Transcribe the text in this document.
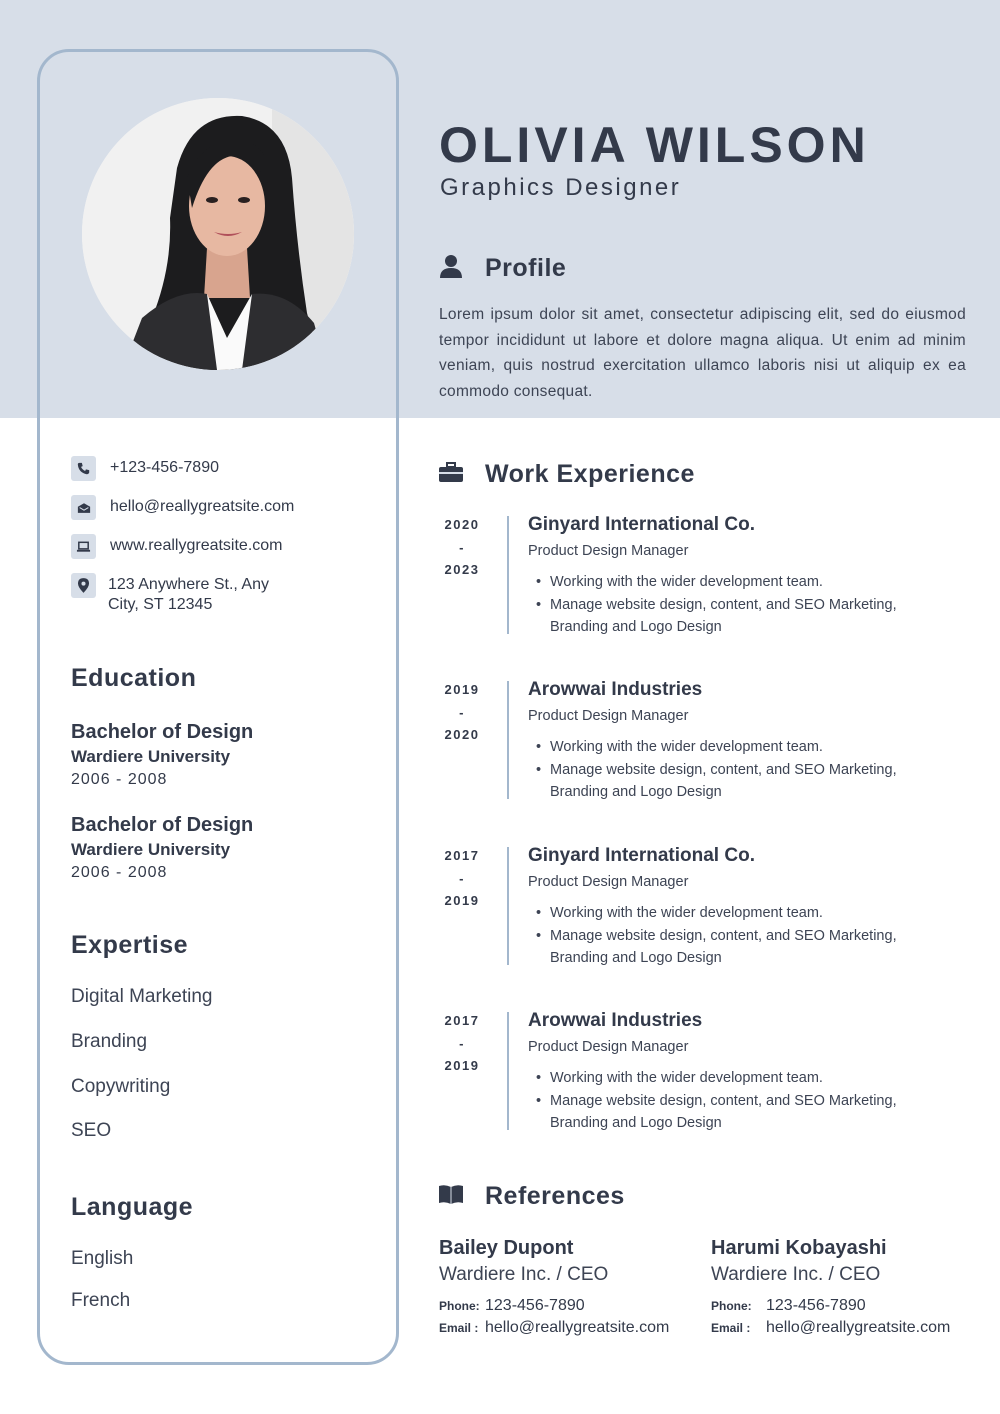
+123-456-7890
hello@reallygreatsite.com
www.reallygreatsite.com
123 Anywhere St., Any City, ST 12345
Education
Bachelor of Design
Wardiere University
2006 - 2008
Bachelor of Design
Wardiere University
2006 - 2008
Expertise
Digital Marketing
Branding
Copywriting
SEO
Language
English
French
OLIVIA WILSON
Graphics Designer
Profile
Lorem ipsum dolor sit amet, consectetur adipiscing elit, sed do eiusmod tempor incididunt ut labore et dolore magna aliqua. Ut enim ad minim veniam, quis nostrud exercitation ullamco laboris nisi ut aliquip ex ea commodo consequat.
Work Experience
2020
-
2023
Ginyard International Co.
Product Design Manager
• Working with the wider development team.
• Manage website design, content, and SEO Marketing, Branding and Logo Design
2019
-
2020
Arowwai Industries
Product Design Manager
• Working with the wider development team.
• Manage website design, content, and SEO Marketing, Branding and Logo Design
2017
-
2019
Ginyard International Co.
Product Design Manager
• Working with the wider development team.
• Manage website design, content, and SEO Marketing, Branding and Logo Design
2017
-
2019
Arowwai Industries
Product Design Manager
• Working with the wider development team.
• Manage website design, content, and SEO Marketing, Branding and Logo Design
References
Bailey Dupont
Wardiere Inc. / CEO
Phone: 123-456-7890
Email : hello@reallygreatsite.com
Harumi Kobayashi
Wardiere Inc. / CEO
Phone: 123-456-7890
Email : hello@reallygreatsite.com
